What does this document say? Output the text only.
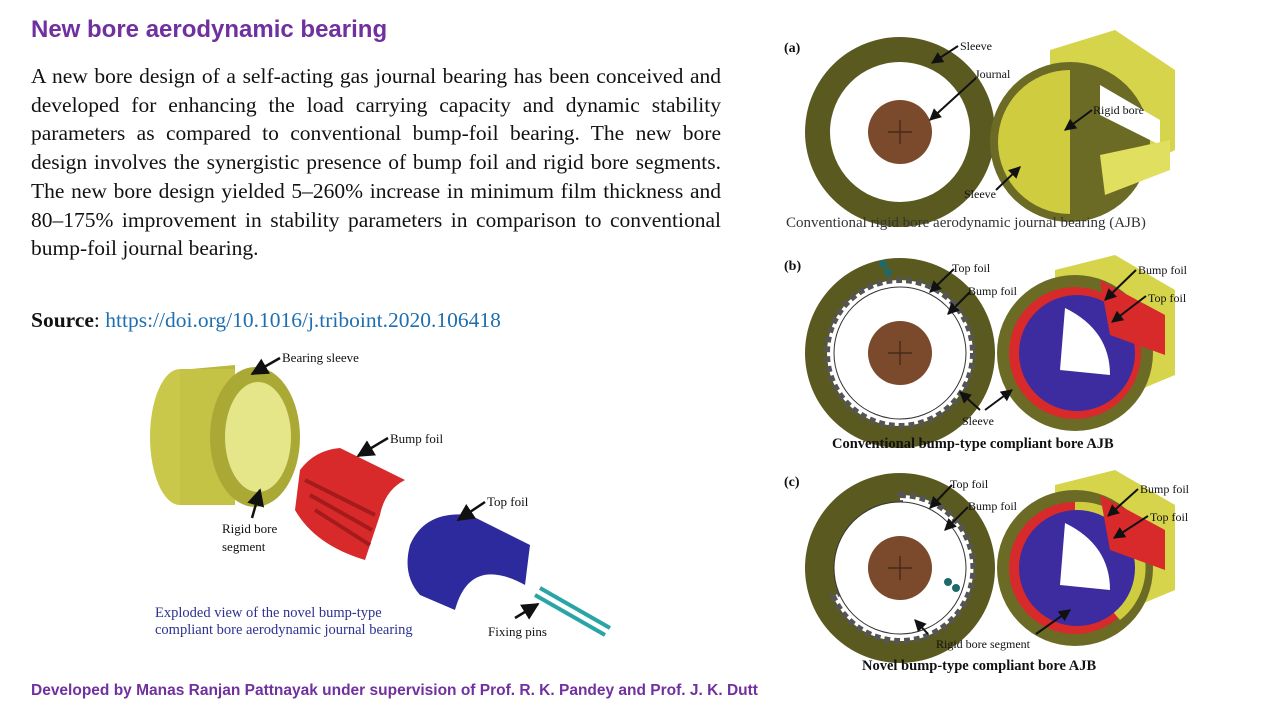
New bore aerodynamic bearing

A new bore design of a self-acting gas journal bearing has been conceived and developed for enhancing the load carrying capacity and dynamic stability parameters as compared to conventional bump-foil bearing. The new bore design involves the synergistic presence of bump foil and rigid bore segments. The new bore design yielded 5–260% increase in minimum film thickness and 80–175% improvement in stability parameters in comparison to conventional bump-foil journal bearing.

Source: https://doi.org/10.1016/j.triboint.2020.106418

Bearing sleeve
Bump foil
Top foil
Rigid bore
segment
Fixing pins
Exploded view of the novel bump-type
compliant bore aerodynamic journal bearing
(a)	Sleeve
Journal
Rigid bore
Sleeve
Conventional rigid bore aerodynamic journal bearing (AJB)
(b)	Top foil
Bump foil
Bump foil
Top foil
Sleeve
Conventional bump-type compliant bore AJB
(c)	Top foil
Bump foil
Bump foil
Top foil
Rigid bore segment
Novel bump-type compliant bore AJB

Developed by Manas Ranjan Pattnayak under supervision of Prof. R. K. Pandey and Prof. J. K. Dutt
